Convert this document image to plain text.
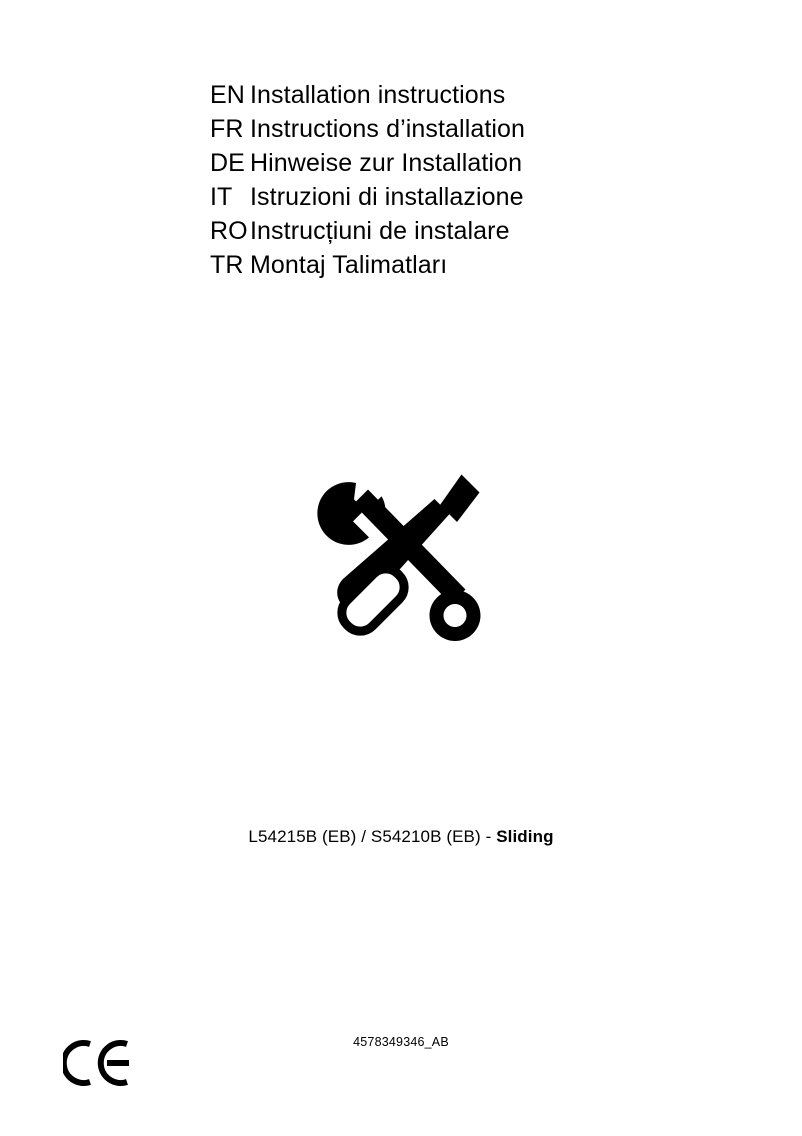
EN Installation instructions
FR Instructions d’installation
DE Hinweise zur Installation
IT Istruzioni di installazione
RO Instrucțiuni de instalare
TR Montaj Talimatları
L54215B (EB) / S54210B (EB) - Sliding
4578349346_AB
